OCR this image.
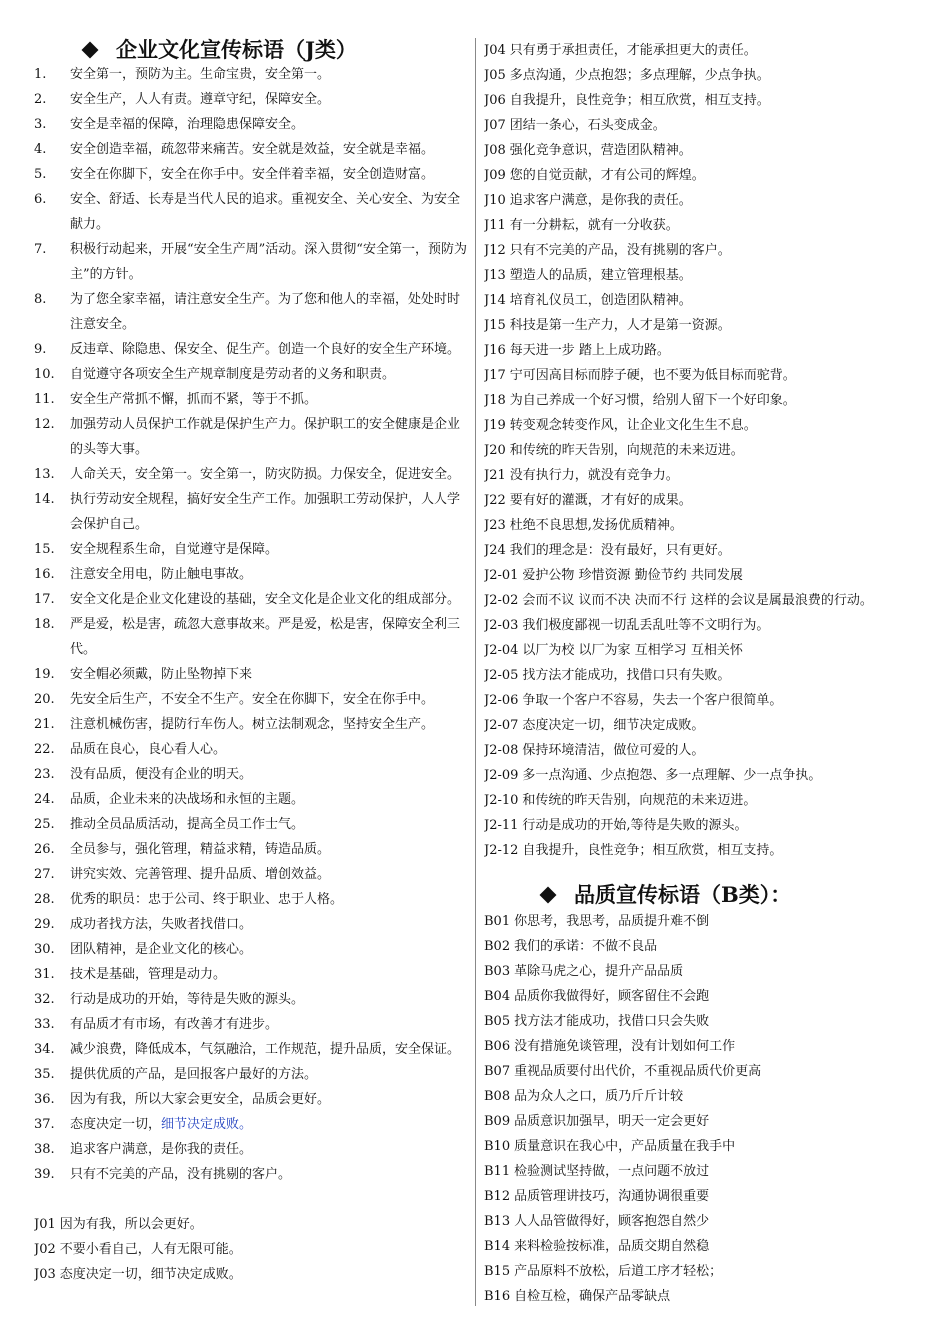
企业文化宣传标语（J类）
1.	安全第一，预防为主。生命宝贵，安全第一。
2.	安全生产，人人有责。遵章守纪，保障安全。
3.	安全是幸福的保障，治理隐患保障安全。
4.	安全创造幸福，疏忽带来痛苦。安全就是效益，安全就是幸福。
5.	安全在你脚下，安全在你手中。安全伴着幸福，安全创造财富。
6.	安全、舒适、长寿是当代人民的追求。重视安全、关心安全、为安全献力。
7.	积极行动起来，开展“安全生产周”活动。深入贯彻“安全第一，预防为主”的方针。
8.	为了您全家幸福，请注意安全生产。为了您和他人的幸福，处处时时注意安全。
9.	反违章、除隐患、保安全、促生产。创造一个良好的安全生产环境。
10.	自觉遵守各项安全生产规章制度是劳动者的义务和职责。
11.	安全生产常抓不懈，抓而不紧，等于不抓。
12.	加强劳动人员保护工作就是保护生产力。保护职工的安全健康是企业的头等大事。
13.	人命关天，安全第一。安全第一，防灾防损。力保安全，促进安全。
14.	执行劳动安全规程，搞好安全生产工作。加强职工劳动保护，人人学会保护自己。
15.	安全规程系生命，自觉遵守是保障。
16.	注意安全用电，防止触电事故。
17.	安全文化是企业文化建设的基础，安全文化是企业文化的组成部分。
18.	严是爱，松是害，疏忽大意事故来。严是爱，松是害，保障安全利三代。
19.	安全帽必须戴，防止坠物掉下来
20.	先安全后生产，不安全不生产。安全在你脚下，安全在你手中。
21.	注意机械伤害，提防行车伤人。树立法制观念，坚持安全生产。
22.	品质在良心，良心看人心。
23.	没有品质，便没有企业的明天。
24.	品质，企业未来的决战场和永恒的主题。
25.	推动全员品质活动，提高全员工作士气。
26.	全员参与，强化管理，精益求精，铸造品质。
27.	讲究实效、完善管理、提升品质、增创效益。
28.	优秀的职员：忠于公司、终于职业、忠于人格。
29.	成功者找方法，失败者找借口。
30.	团队精神，是企业文化的核心。
31.	技术是基础，管理是动力。
32.	行动是成功的开始，等待是失败的源头。
33.	有品质才有市场，有改善才有进步。
34.	减少浪费，降低成本，气氛融洽，工作规范，提升品质，安全保证。
35.	提供优质的产品，是回报客户最好的方法。
36.	因为有我，所以大家会更安全，品质会更好。
37.	态度决定一切，细节决定成败。
38.	追求客户满意，是你我的责任。
39.	只有不完美的产品，没有挑剔的客户。
J01 因为有我，所以会更好。
J02 不要小看自己，人有无限可能。
J03 态度决定一切，细节决定成败。
J04 只有勇于承担责任，才能承担更大的责任。
J05 多点沟通，少点抱怨；多点理解，少点争执。
J06 自我提升，良性竞争；相互欣赏，相互支持。
J07 团结一条心，石头变成金。
J08 强化竞争意识，营造团队精神。
J09 您的自觉贡献，才有公司的辉煌。
J10 追求客户满意，是你我的责任。
J11 有一分耕耘，就有一分收获。
J12 只有不完美的产品，没有挑剔的客户。
J13 塑造人的品质，建立管理根基。
J14 培育礼仪员工，创造团队精神。
J15 科技是第一生产力，人才是第一资源。
J16 每天进一步 踏上上成功路。
J17 宁可因高目标而脖子硬，也不要为低目标而驼背。
J18 为自己养成一个好习惯，给别人留下一个好印象。
J19 转变观念转变作风，让企业文化生生不息。
J20 和传统的昨天告别，向规范的未来迈进。
J21 没有执行力，就没有竞争力。
J22 要有好的灌溉，才有好的成果。
J23 杜绝不良思想,发扬优质精神。
J24 我们的理念是：没有最好，只有更好。
J2-01 爱护公物 珍惜资源 勤俭节约 共同发展
J2-02 会而不议 议而不决 决而不行 这样的会议是属最浪费的行动。
J2-03 我们极度鄙视一切乱丢乱吐等不文明行为。
J2-04 以厂为校 以厂为家 互相学习 互相关怀
J2-05 找方法才能成功，找借口只有失败。
J2-06 争取一个客户不容易，失去一个客户很简单。
J2-07 态度决定一切，细节决定成败。
J2-08 保持环境清洁，做位可爱的人。
J2-09 多一点沟通、少点抱怨、多一点理解、少一点争执。
J2-10 和传统的昨天告别，向规范的未来迈进。
J2-11 行动是成功的开始,等待是失败的源头。
J2-12 自我提升，良性竞争；相互欣赏，相互支持。
品质宣传标语（B类）：
B01 你思考，我思考，品质提升难不倒
B02 我们的承诺：不做不良品
B03 革除马虎之心，提升产品品质
B04 品质你我做得好，顾客留住不会跑
B05 找方法才能成功，找借口只会失败
B06 没有措施免谈管理，没有计划如何工作
B07 重视品质要付出代价，不重视品质代价更高
B08 品为众人之口，质乃斤斤计较
B09 品质意识加强早，明天一定会更好
B10 质量意识在我心中，产品质量在我手中
B11 检验测试坚持做，一点问题不放过
B12 品质管理讲技巧，沟通协调很重要
B13 人人品管做得好，顾客抱怨自然少
B14 来料检验按标准，品质交期自然稳
B15 产品原料不放松，后道工序才轻松；
B16 自检互检，确保产品零缺点
